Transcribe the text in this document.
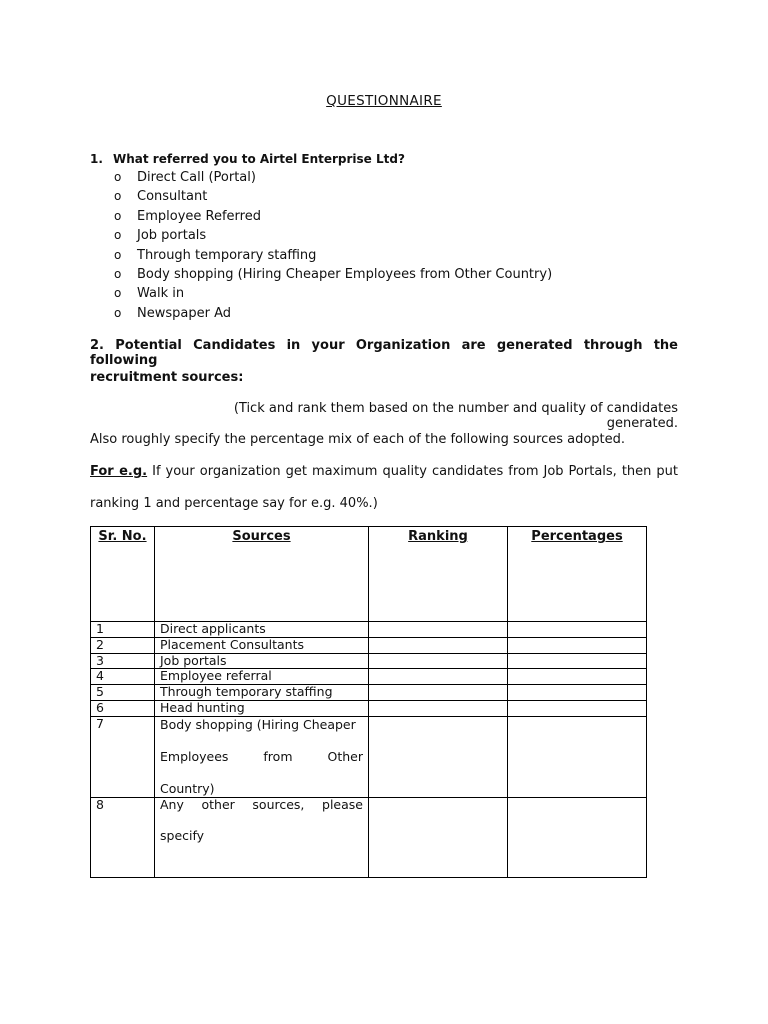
QUESTIONNAIRE
1. What referred you to Airtel Enterprise Ltd?
o Direct Call (Portal)
o Consultant
o Employee Referred
o Job portals
o Through temporary staffing
o Body shopping (Hiring Cheaper Employees from Other Country)
o Walk in
o Newspaper Ad
2. Potential Candidates in your Organization are generated through the following
recruitment sources:
(Tick and rank them based on the number and quality of candidates generated.
Also roughly specify the percentage mix of each of the following sources adopted.
For e.g. If your organization get maximum quality candidates from Job Portals, then put
ranking 1 and percentage say for e.g. 40%.)
Sr. No.	Sources	Ranking	Percentages
1	Direct applicants		
2	Placement Consultants		
3	Job portals		
4	Employee referral		
5	Through temporary staffing		
6	Head hunting		
7	Body shopping (Hiring Cheaper
Employees from Other
Country)		

8	Any other sources, please
specify		
